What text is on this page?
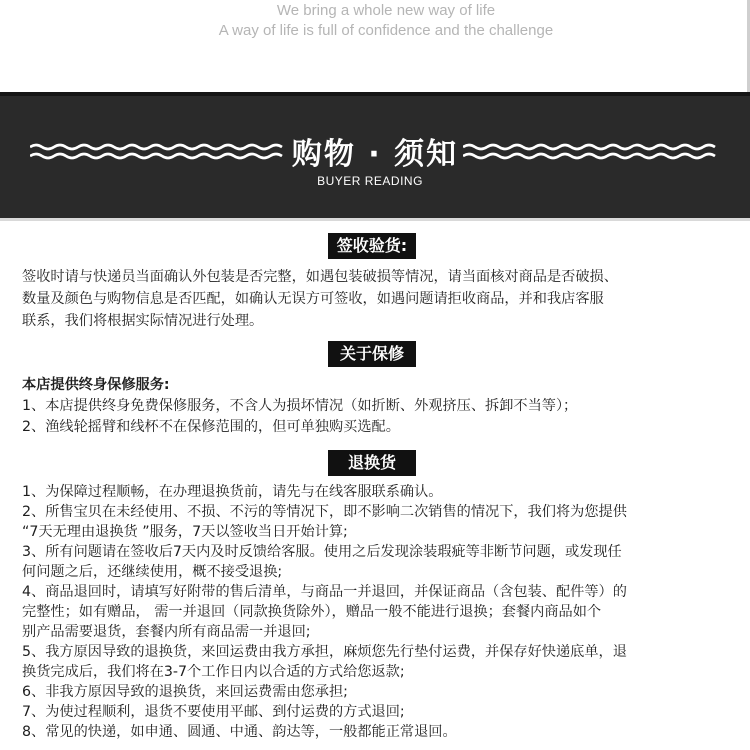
We bring a whole new way of life
A way of life is full of confidence and the challenge
购物 · 须知
BUYER READING
签收验货:
签收时请与快递员当面确认外包装是否完整，如遇包装破损等情况，请当面核对商品是否破损、
数量及颜色与购物信息是否匹配，如确认无误方可签收，如遇问题请拒收商品，并和我店客服
联系，我们将根据实际情况进行处理。
关于保修
本店提供终身保修服务:
1、本店提供终身免费保修服务，不含人为损坏情况（如折断、外观挤压、拆卸不当等）；
2、渔线轮摇臂和线杯不在保修范围的，但可单独购买选配。
退换货
1、为保障过程顺畅，在办理退换货前，请先与在线客服联系确认。
2、所售宝贝在未经使用、不损、不污的等情况下，即不影响二次销售的情况下，我们将为您提供
“7天无理由退换货 ”服务，7天以签收当日开始计算;
3、所有问题请在签收后7天内及时反馈给客服。使用之后发现涂装瑕疵等非断节问题，或发现任
何问题之后，还继续使用，概不接受退换;
4、商品退回时，请填写好附带的售后清单，与商品一并退回，并保证商品（含包装、配件等）的
完整性；如有赠品， 需一并退回（同款换货除外），赠品一般不能进行退换；套餐内商品如个
别产品需要退货，套餐内所有商品需一并退回;
5、我方原因导致的退换货，来回运费由我方承担，麻烦您先行垫付运费，并保存好快递底单，退
换货完成后，我们将在3-7个工作日内以合适的方式给您返款;
6、非我方原因导致的退换货，来回运费需由您承担;
7、为使过程顺利，退货不要使用平邮、到付运费的方式退回;
8、常见的快递，如申通、圆通、中通、韵达等，一般都能正常退回。
